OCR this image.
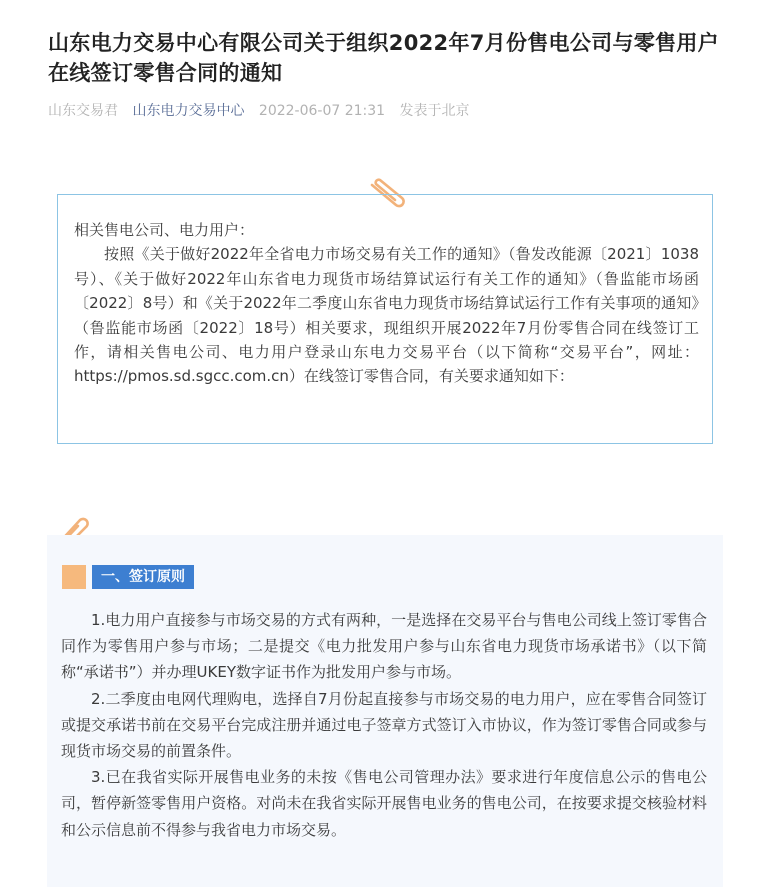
山东电力交易中心有限公司关于组织2022年7月份售电公司与零售用户在线签订零售合同的通知
山东交易君 山东电力交易中心 2022-06-07 21:31 发表于北京

相关售电公司、电力用户：

按照《关于做好2022年全省电力市场交易有关工作的通知》（鲁发改能源〔2021〕1038号）、《关于做好2022年山东省电力现货市场结算试运行有关工作的通知》（鲁监能市场函〔2022〕8号）和《关于2022年二季度山东省电力现货市场结算试运行工作有关事项的通知》（鲁监能市场函〔2022〕18号）相关要求，现组织开展2022年7月份零售合同在线签订工作，请相关售电公司、电力用户登录山东电力交易平台（以下简称“交易平台”，网址：https://pmos.sd.sgcc.com.cn）在线签订零售合同，有关要求通知如下：

一、签订原则

1.电力用户直接参与市场交易的方式有两种，一是选择在交易平台与售电公司线上签订零售合同作为零售用户参与市场；二是提交《电力批发用户参与山东省电力现货市场承诺书》（以下简称“承诺书”）并办理UKEY数字证书作为批发用户参与市场。

2.二季度由电网代理购电，选择自7月份起直接参与市场交易的电力用户，应在零售合同签订或提交承诺书前在交易平台完成注册并通过电子签章方式签订入市协议，作为签订零售合同或参与现货市场交易的前置条件。

3.已在我省实际开展售电业务的未按《售电公司管理办法》要求进行年度信息公示的售电公司，暂停新签零售用户资格。对尚未在我省实际开展售电业务的售电公司，在按要求提交核验材料和公示信息前不得参与我省电力市场交易。
